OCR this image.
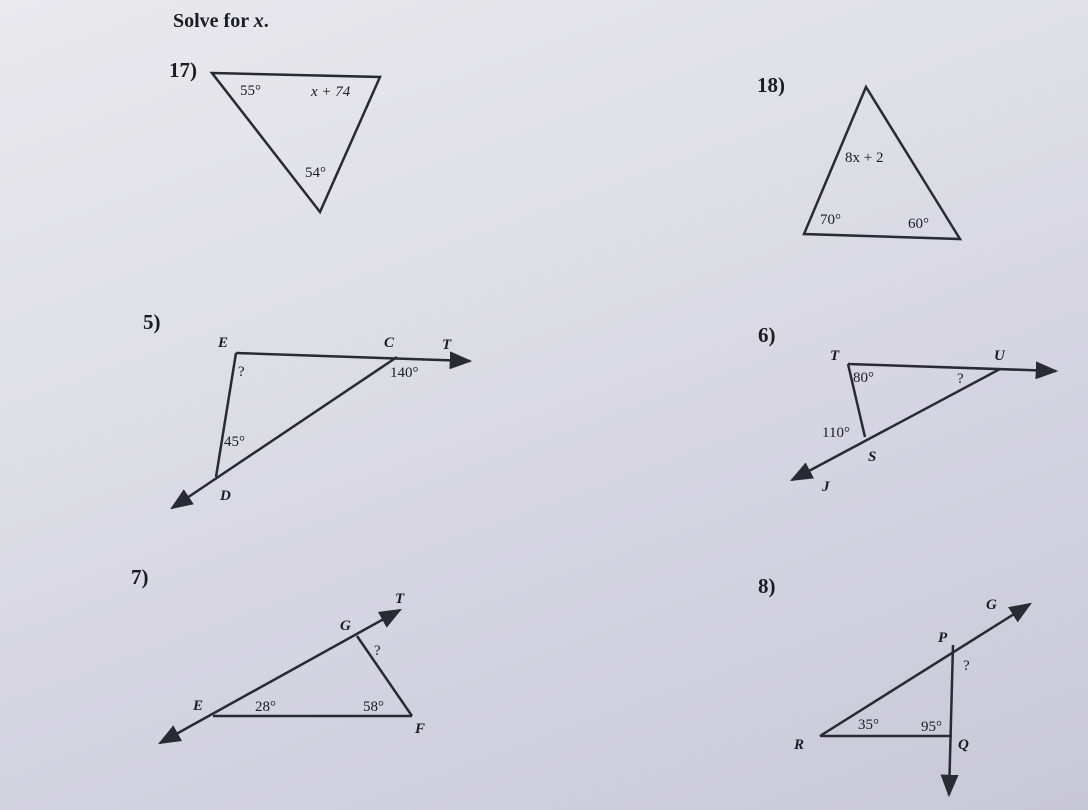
Solve for x.
17)
18)
5)
6)
7)	8)
55°	x + 74
54°
8x + 2
70°	60°
E	C	T
D
?	140°
45°
T	U
S
J
80°	?
110°
T
G
E
F
?
28°	58°
G
P
R	Q
?
35°	95°
